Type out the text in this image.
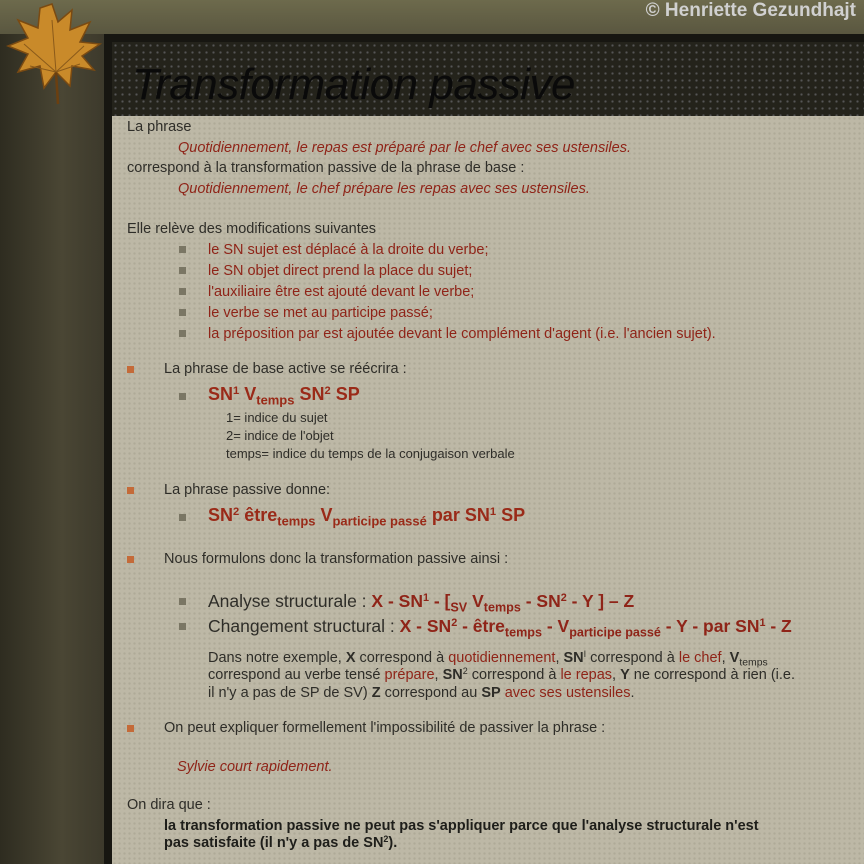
© Henriette Gezundhajt
Transformation passive
La phrase
Quotidiennement, le repas est préparé par le chef avec ses ustensiles.
correspond à la transformation passive de la phrase de base :
Quotidiennement, le chef prépare les repas avec ses ustensiles.
Elle relève des modifications suivantes
le SN sujet est déplacé à la droite du verbe;
le SN objet direct prend la place du sujet;
l'auxiliaire être est ajouté devant le verbe;
le verbe se met au participe passé;
la préposition par est ajoutée devant le complément d'agent (i.e. l'ancien sujet).
La phrase de base active se réécrira :
$SN^1$ $V_{temps}$ $SN^2$ SP
1= indice du sujet
2= indice de l'objet
temps= indice du temps de la conjugaison verbale
La phrase passive donne:
$SN^2$ être$_{temps}$ $V_{participe passé}$ par $SN^1$ SP
Nous formulons donc la transformation passive ainsi :
Analyse structurale : X - $SN^1 - [_{SV}$ $V_{temps} - SN^2$ - Y ] – Z
Changement structural : X - $SN^2$ - être$_{temps}$ - $V_{participe passé}$ - Y - par $SN^1$ - Z
Dans notre exemple, X correspond à quotidiennement, $SN^I$ correspond à le chef, $V_{temps}$
correspond au verbe tensé prépare, $SN^2$ correspond à le repas, Y ne correspond à rien (i.e.
il n'y a pas de SP de SV) Z correspond au SP avec ses ustensiles.
On peut expliquer formellement l'impossibilité de passiver la phrase :
Sylvie court rapidement.
On dira que :
la transformation passive ne peut pas s'appliquer parce que l'analyse structurale n'est
pas satisfaite (il n'y a pas de $SN^2$).
